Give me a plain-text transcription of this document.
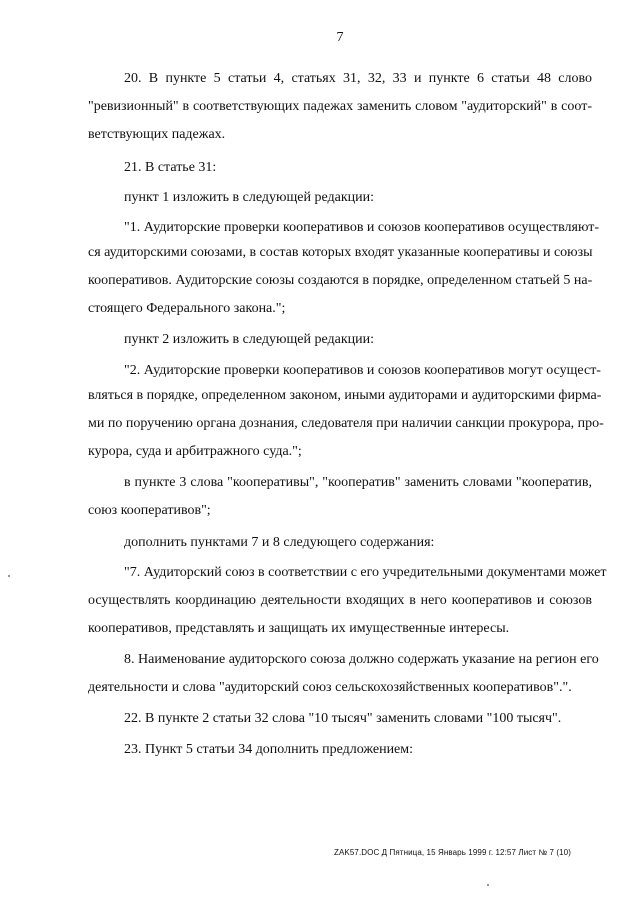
7
20. В пункте 5 статьи 4, статьях 31, 32, 33 и пункте 6 статьи 48 слово
"ревизионный" в соответствующих падежах заменить словом "аудиторский" в соот-
ветствующих падежах.
21. В статье 31:
пункт 1 изложить в следующей редакции:
"1. Аудиторские проверки кооперативов и союзов кооперативов осуществляют-
ся аудиторскими союзами, в состав которых входят указанные кооперативы и союзы
кооперативов. Аудиторские союзы создаются в порядке, определенном статьей 5 на-
стоящего Федерального закона.";
пункт 2 изложить в следующей редакции:
"2. Аудиторские проверки кооперативов и союзов кооперативов могут осущест-
вляться в порядке, определенном законом, иными аудиторами и аудиторскими фирма-
ми по поручению органа дознания, следователя при наличии санкции прокурора, про-
курора, суда и арбитражного суда.";
в пункте 3 слова "кооперативы", "кооператив" заменить словами "кооператив,
союз кооперативов";
дополнить пунктами 7 и 8 следующего содержания:
"7. Аудиторский союз в соответствии с его учредительными документами может
осуществлять координацию деятельности входящих в него кооперативов и союзов
кооперативов, представлять и защищать их имущественные интересы.
8. Наименование аудиторского союза должно содержать указание на регион его
деятельности и слова "аудиторский союз сельскохозяйственных кооперативов".".
22. В пункте 2 статьи 32 слова "10 тысяч" заменить словами "100 тысяч".
23. Пункт 5 статьи 34 дополнить предложением:
ZAK57.DOC Д Пятница, 15 Январь 1999 г. 12:57 Лист № 7 (10)
